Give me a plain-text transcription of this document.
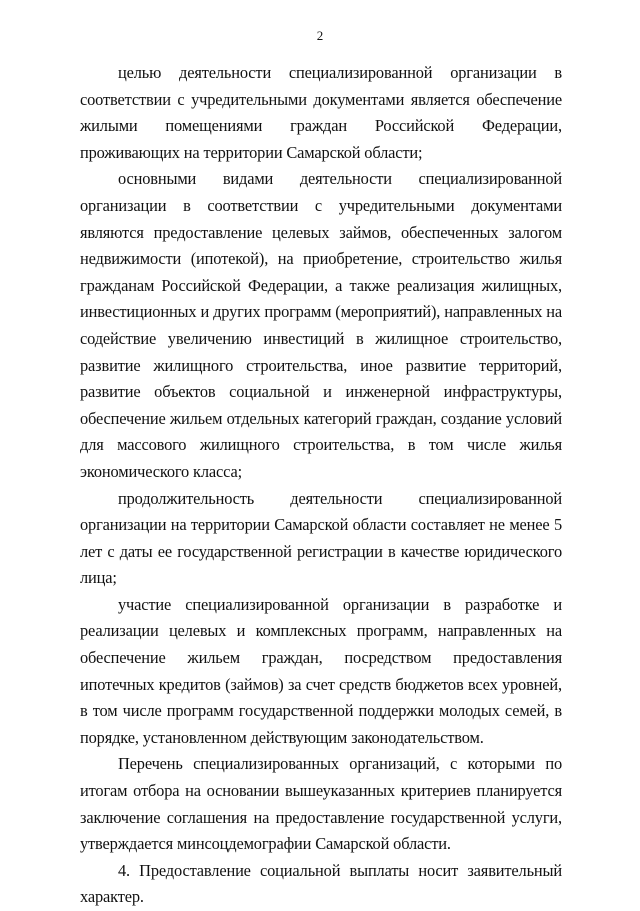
2

целью деятельности специализированной организации в соответствии с учредительными документами является обеспечение жилыми помещениями граждан Российской Федерации, проживающих на территории Самарской области;

основными видами деятельности специализированной организации в соответствии с учредительными документами являются предоставление целевых займов, обеспеченных залогом недвижимости (ипотекой), на приобретение, строительство жилья гражданам Российской Федерации, а также реализация жилищных, инвестиционных и других программ (мероприятий), направленных на содействие увеличению инвестиций в жилищное строительство, развитие жилищного строительства, иное развитие территорий, развитие объектов социальной и инженерной инфраструктуры, обеспечение жильем отдельных категорий граждан, создание условий для массового жилищного строительства, в том числе жилья экономического класса;

продолжительность деятельности специализированной организации на территории Самарской области составляет не менее 5 лет с даты ее государственной регистрации в качестве юридического лица;

участие специализированной организации в разработке и реализации целевых и комплексных программ, направленных на обеспечение жильем граждан, посредством предоставления ипотечных кредитов (займов) за счет средств бюджетов всех уровней, в том числе программ государственной поддержки молодых семей, в порядке, установленном действующим законодательством.

Перечень специализированных организаций, с которыми по итогам отбора на основании вышеуказанных критериев планируется заключение соглашения на предоставление государственной услуги, утверждается минсоцдемографии Самарской области.

4. Предоставление социальной выплаты носит заявительный характер.
